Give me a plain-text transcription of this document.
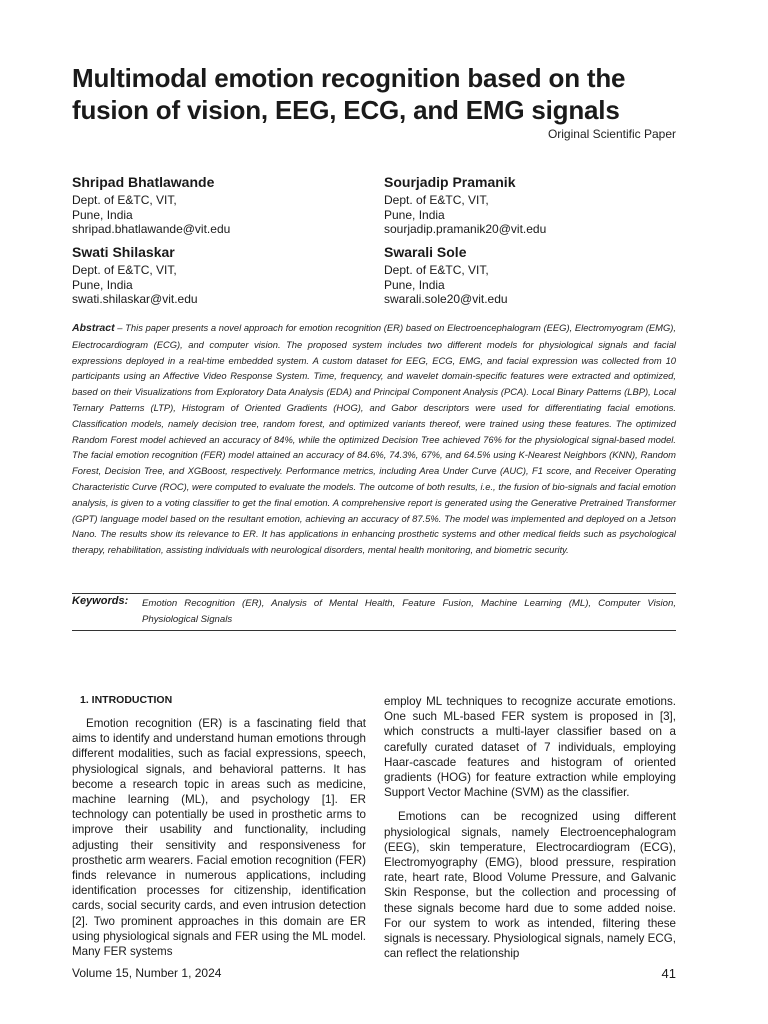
Multimodal emotion recognition based on the fusion of vision, EEG, ECG, and EMG signals
Original Scientific Paper
Shripad Bhatlawande
Dept. of E&TC, VIT,
Pune, India
shripad.bhatlawande@vit.edu
Sourjadip Pramanik
Dept. of E&TC, VIT,
Pune, India
sourjadip.pramanik20@vit.edu
Swati Shilaskar
Dept. of E&TC, VIT,
Pune, India
swati.shilaskar@vit.edu
Swarali Sole
Dept. of E&TC, VIT,
Pune, India
swarali.sole20@vit.edu

Abstract – This paper presents a novel approach for emotion recognition (ER) based on Electroencephalogram (EEG), Electromyogram (EMG), Electrocardiogram (ECG), and computer vision. The proposed system includes two different models for physiological signals and facial expressions deployed in a real-time embedded system. A custom dataset for EEG, ECG, EMG, and facial expression was collected from 10 participants using an Affective Video Response System. Time, frequency, and wavelet domain-specific features were extracted and optimized, based on their Visualizations from Exploratory Data Analysis (EDA) and Principal Component Analysis (PCA). Local Binary Patterns (LBP), Local Ternary Patterns (LTP), Histogram of Oriented Gradients (HOG), and Gabor descriptors were used for differentiating facial emotions. Classification models, namely decision tree, random forest, and optimized variants thereof, were trained using these features. The optimized Random Forest model achieved an accuracy of 84%, while the optimized Decision Tree achieved 76% for the physiological signal-based model. The facial emotion recognition (FER) model attained an accuracy of 84.6%, 74.3%, 67%, and 64.5% using K-Nearest Neighbors (KNN), Random Forest, Decision Tree, and XGBoost, respectively. Performance metrics, including Area Under Curve (AUC), F1 score, and Receiver Operating Characteristic Curve (ROC), were computed to evaluate the models. The outcome of both results, i.e., the fusion of bio-signals and facial emotion analysis, is given to a voting classifier to get the final emotion. A comprehensive report is generated using the Generative Pretrained Transformer (GPT) language model based on the resultant emotion, achieving an accuracy of 87.5%. The model was implemented and deployed on a Jetson Nano. The results show its relevance to ER. It has applications in enhancing prosthetic systems and other medical fields such as psychological therapy, rehabilitation, assisting individuals with neurological disorders, mental health monitoring, and biometric security.

Keywords: Emotion Recognition (ER), Analysis of Mental Health, Feature Fusion, Machine Learning (ML), Computer Vision, Physiological Signals

1. INTRODUCTION

Emotion recognition (ER) is a fascinating field that aims to identify and understand human emotions through different modalities, such as facial expressions, speech, physiological signals, and behavioral patterns. It has become a research topic in areas such as medicine, machine learning (ML), and psychology [1]. ER technology can potentially be used in prosthetic arms to improve their usability and functionality, including adjusting their sensitivity and responsiveness for prosthetic arm wearers. Facial emotion recognition (FER) finds relevance in numerous applications, including identification processes for citizenship, identification cards, social security cards, and even intrusion detection [2]. Two prominent approaches in this domain are ER using physiological signals and FER using the ML model. Many FER systems

employ ML techniques to recognize accurate emotions. One such ML-based FER system is proposed in [3], which constructs a multi-layer classifier based on a carefully curated dataset of 7 individuals, employing Haar-cascade features and histogram of oriented gradients (HOG) for feature extraction while employing Support Vector Machine (SVM) as the classifier.

Emotions can be recognized using different physiological signals, namely Electroencephalogram (EEG), skin temperature, Electrocardiogram (ECG), Electromyography (EMG), blood pressure, respiration rate, heart rate, Blood Volume Pressure, and Galvanic Skin Response, but the collection and processing of these signals become hard due to some added noise. For our system to work as intended, filtering these signals is necessary. Physiological signals, namely ECG, can reflect the relationship

Volume 15, Number 1, 2024	41
